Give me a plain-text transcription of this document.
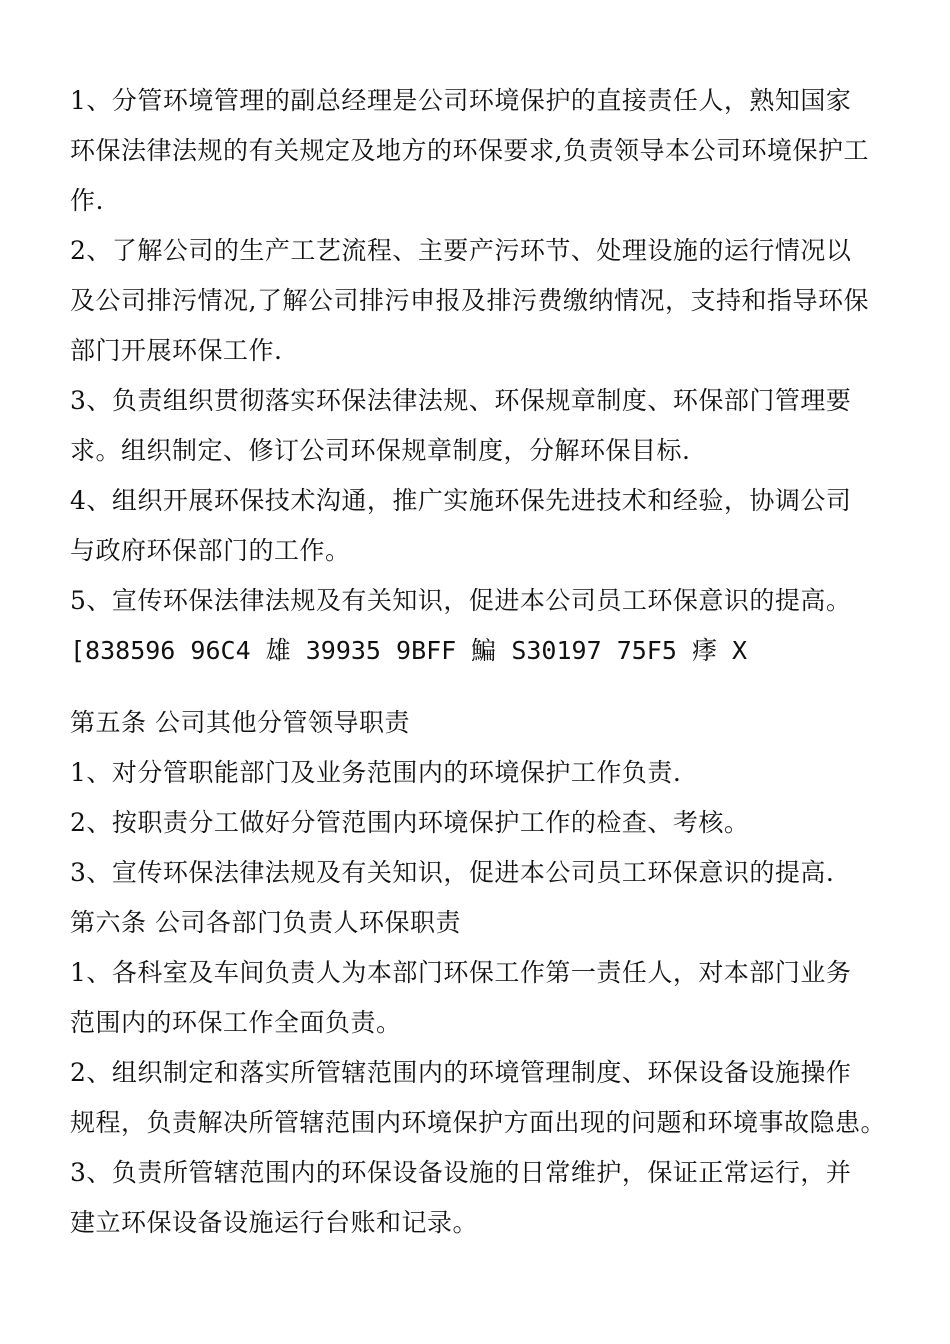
1、分管环境管理的副总经理是公司环境保护的直接责任人，熟知国家
环保法律法规的有关规定及地方的环保要求,负责领导本公司环境保护工
作.
2、了解公司的生产工艺流程、主要产污环节、处理设施的运行情况以
及公司排污情况,了解公司排污申报及排污费缴纳情况，支持和指导环保
部门开展环保工作.
3、负责组织贯彻落实环保法律法规、环保规章制度、环保部门管理要
求。组织制定、修订公司环保规章制度，分解环保目标.
4、组织开展环保技术沟通，推广实施环保先进技术和经验，协调公司
与政府环保部门的工作。
5、宣传环保法律法规及有关知识，促进本公司员工环保意识的提高。
[838596 96C4 雄 39935 9BFF 鯿 S30197 75F5 痵 X
第五条 公司其他分管领导职责
1、对分管职能部门及业务范围内的环境保护工作负责.
2、按职责分工做好分管范围内环境保护工作的检查、考核。
3、宣传环保法律法规及有关知识，促进本公司员工环保意识的提高.
第六条 公司各部门负责人环保职责
1、各科室及车间负责人为本部门环保工作第一责任人，对本部门业务
范围内的环保工作全面负责。
2、组织制定和落实所管辖范围内的环境管理制度、环保设备设施操作
规程，负责解决所管辖范围内环境保护方面出现的问题和环境事故隐患。
3、负责所管辖范围内的环保设备设施的日常维护，保证正常运行，并
建立环保设备设施运行台账和记录。
